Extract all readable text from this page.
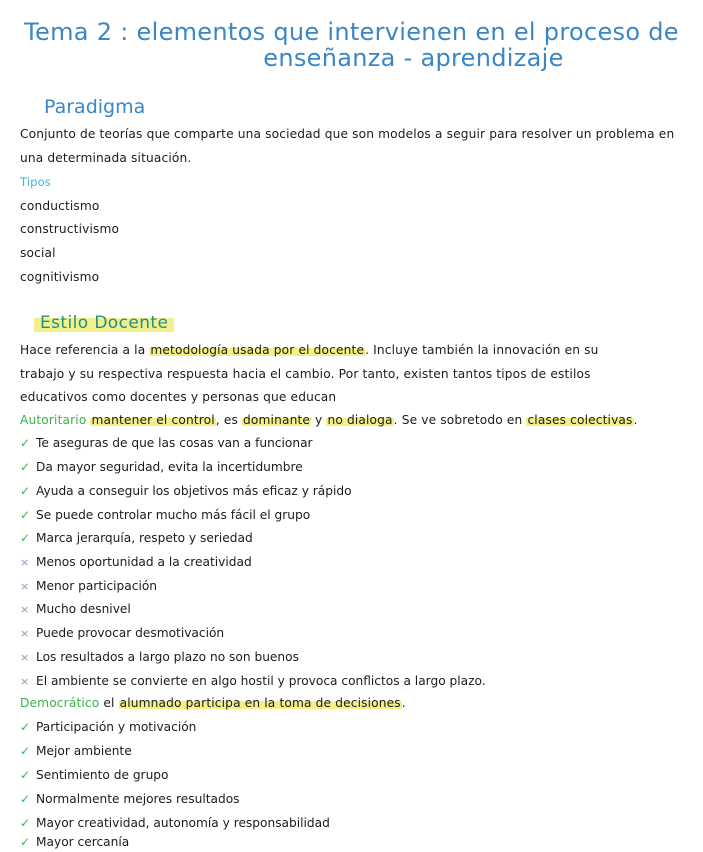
Tema 2 : elementos que intervienen en el proceso de
enseñanza - aprendizaje
Paradigma
Conjunto de teorías que comparte una sociedad que son modelos a seguir para resolver un problema en
una determinada situación.
Tipos
conductismo
constructivismo
social
cognitivismo
Estilo Docente
Hace referencia a la metodología usada por el docente. Incluye también la innovación en su
trabajo y su respectiva respuesta hacia el cambio. Por tanto, existen tantos tipos de estilos
educativos como docentes y personas que educan
Autoritario mantener el control, es dominante y no dialoga. Se ve sobretodo en clases colectivas.
✓ Te aseguras de que las cosas van a funcionar
✓ Da mayor seguridad, evita la incertidumbre
✓ Ayuda a conseguir los objetivos más eficaz y rápido
✓ Se puede controlar mucho más fácil el grupo
✓ Marca jerarquía, respeto y seriedad
× Menos oportunidad a la creatividad
× Menor participación
× Mucho desnivel
× Puede provocar desmotivación
× Los resultados a largo plazo no son buenos
× El ambiente se convierte en algo hostil y provoca conflictos a largo plazo.
Democrático el alumnado participa en la toma de decisiones.
✓ Participación y motivación
✓ Mejor ambiente
✓ Sentimiento de grupo
✓ Normalmente mejores resultados
✓ Mayor creatividad, autonomía y responsabilidad
✓ Mayor cercanía
